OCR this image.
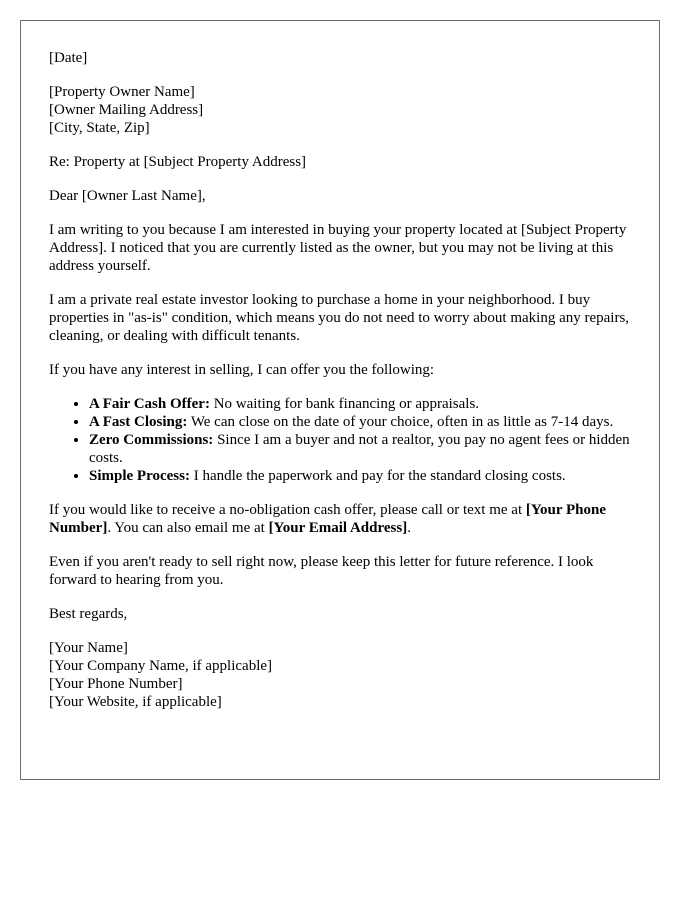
[Date]

[Property Owner Name]
[Owner Mailing Address]
[City, State, Zip]

Re: Property at [Subject Property Address]

Dear [Owner Last Name],

I am writing to you because I am interested in buying your property located at [Subject Property Address]. I noticed that you are currently listed as the owner, but you may not be living at this address yourself.

I am a private real estate investor looking to purchase a home in your neighborhood. I buy properties in "as-is" condition, which means you do not need to worry about making any repairs, cleaning, or dealing with difficult tenants.

If you have any interest in selling, I can offer you the following:

• A Fair Cash Offer: No waiting for bank financing or appraisals.
• A Fast Closing: We can close on the date of your choice, often in as little as 7-14 days.
• Zero Commissions: Since I am a buyer and not a realtor, you pay no agent fees or hidden costs.
• Simple Process: I handle the paperwork and pay for the standard closing costs.

If you would like to receive a no-obligation cash offer, please call or text me at [Your Phone Number]. You can also email me at [Your Email Address].

Even if you aren't ready to sell right now, please keep this letter for future reference. I look forward to hearing from you.

Best regards,

[Your Name]
[Your Company Name, if applicable]
[Your Phone Number]
[Your Website, if applicable]
